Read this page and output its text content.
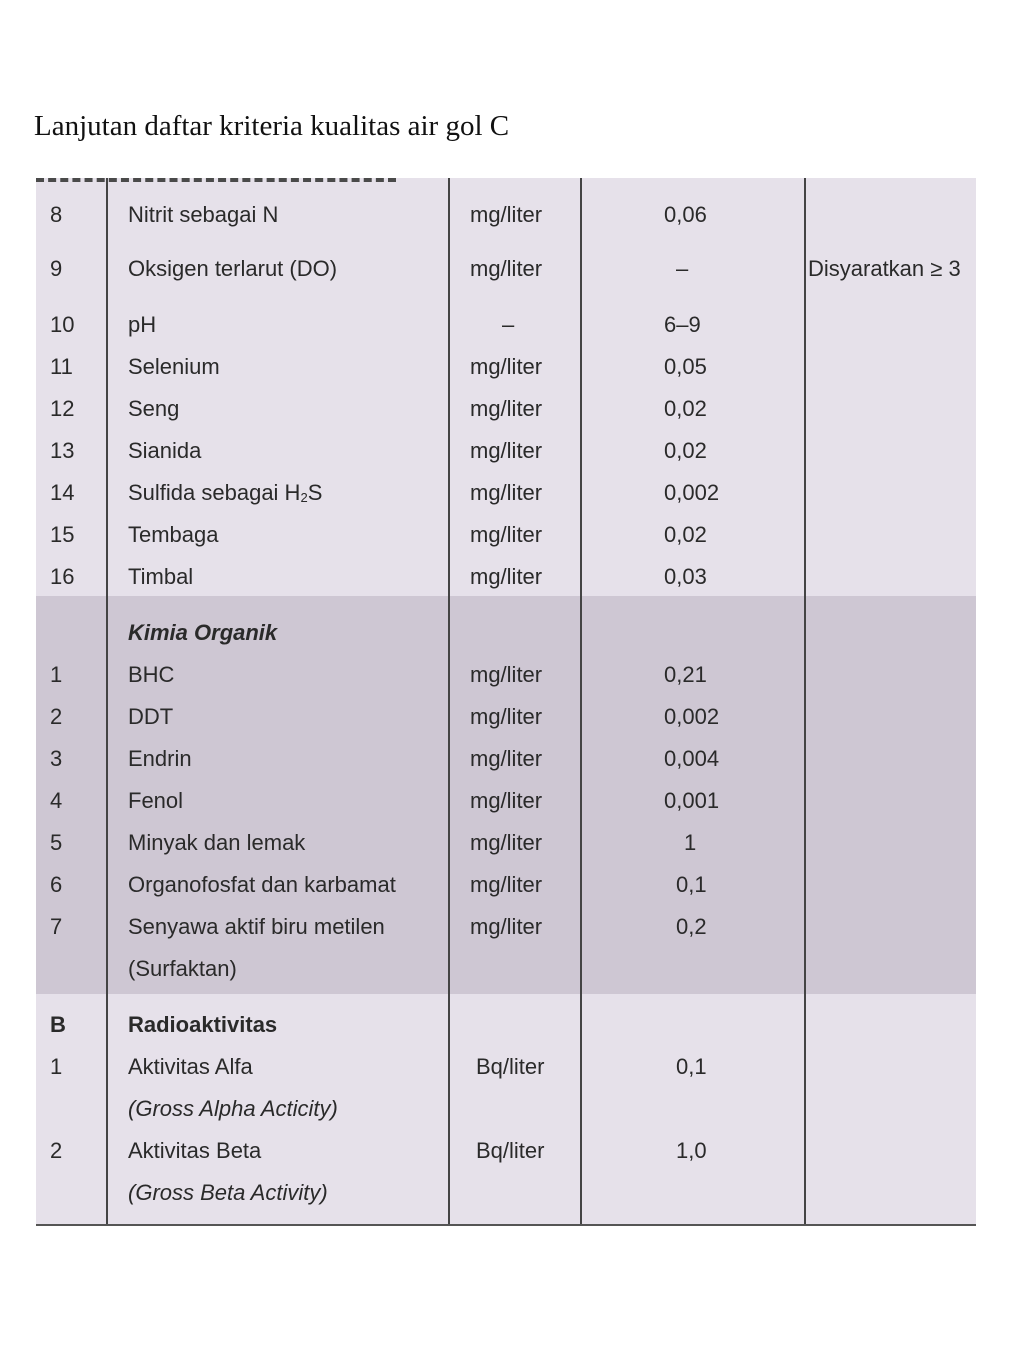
Lanjutan daftar kriteria kualitas air gol C
8	Nitrit sebagai N	mg/liter	0,06
9	Oksigen terlarut (DO)	mg/liter	–	Disyaratkan ≥ 3
10 pH	–	6–9
11	Selenium	mg/liter	0,05
12 Seng	mg/liter	0,02
13 Sianida	mg/liter	0,02
14 Sulfida sebagai $H_2S$	mg/liter	0,002
15 Tembaga	mg/liter	0,02
16 Timbal	mg/liter	0,03
Kimia Organik
1	BHC	mg/liter	0,21
2	DDT	mg/liter	0,002
3	Endrin	mg/liter	0,004
4	Fenol	mg/liter	0,001
5	Minyak dan lemak	mg/liter	1
6	Organofosfat dan karbamat	mg/liter	0,1
7	Senyawa aktif biru metilen	mg/liter	0,2
(Surfaktan)
B	Radioaktivitas
1	Aktivitas Alfa	Bq/liter	0,1
(Gross Alpha Acticity)
2	Aktivitas Beta	Bq/liter	1,0
(Gross Beta Activity)
